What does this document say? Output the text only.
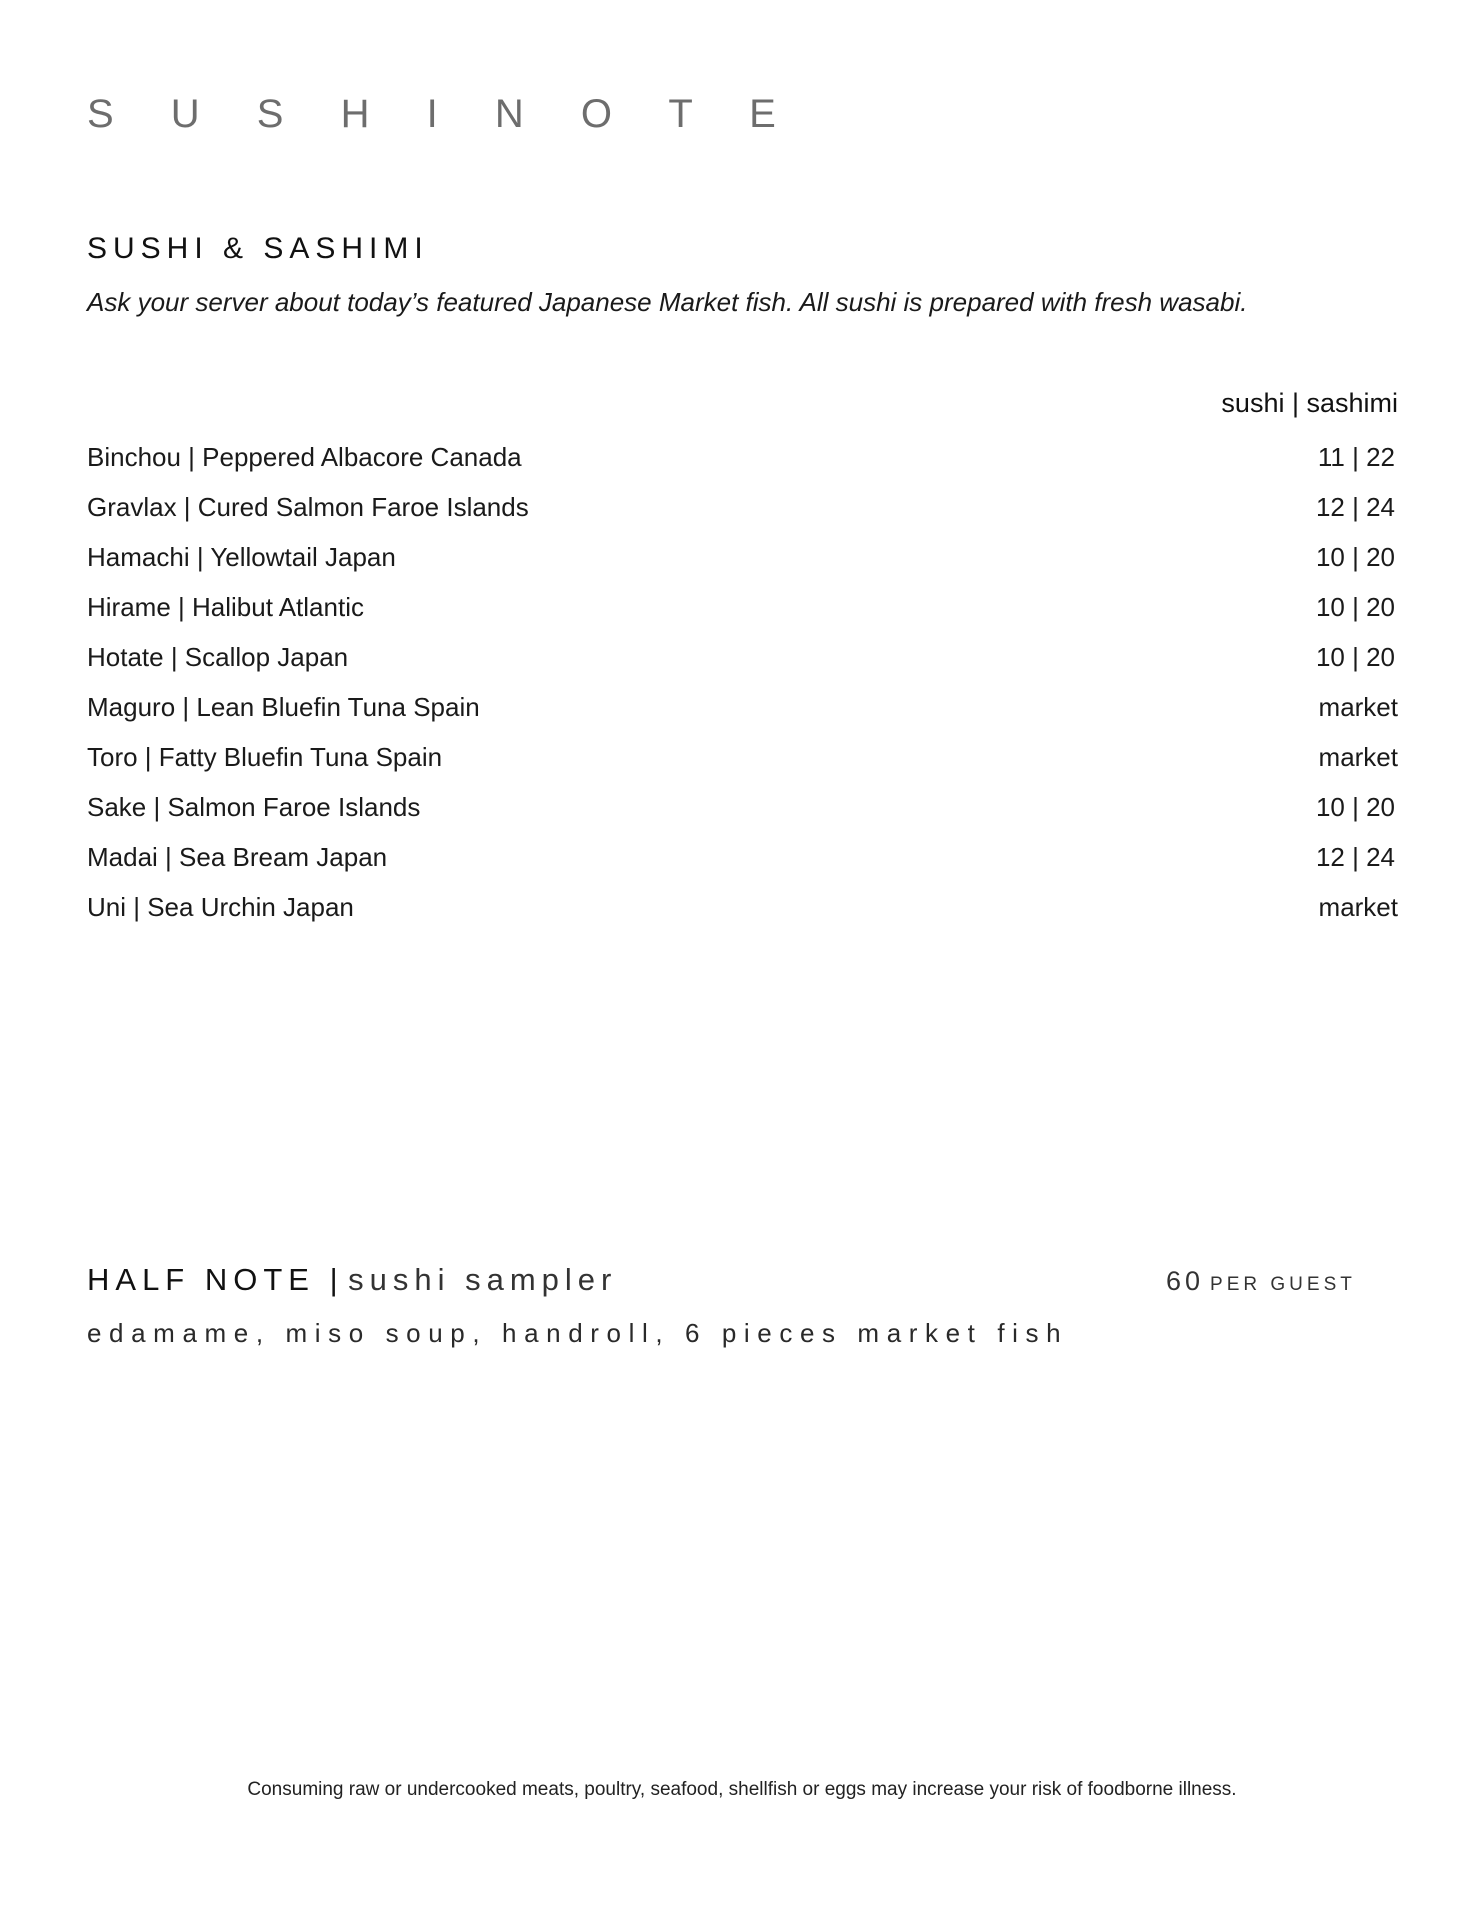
S U S H I N O T E
SUSHI & SASHIMI
Ask your server about today’s featured Japanese Market fish. All sushi is prepared with fresh wasabi.
sushi | sashimi
Binchou | Peppered Albacore Canada	11 | 22
Gravlax | Cured Salmon Faroe Islands	12 | 24
Hamachi | Yellowtail Japan	10 | 20
Hirame | Halibut Atlantic	10 | 20
Hotate | Scallop Japan	10 | 20
Maguro | Lean Bluefin Tuna Spain	market
Toro | Fatty Bluefin Tuna Spain	market
Sake | Salmon Faroe Islands	10 | 20
Madai | Sea Bream Japan	12 | 24
Uni | Sea Urchin Japan	market
HALF NOTE | sushi sampler	60 PER GUEST
edamame, miso soup, handroll, 6 pieces market fish
Consuming raw or undercooked meats, poultry, seafood, shellfish or eggs may increase your risk of foodborne illness.
